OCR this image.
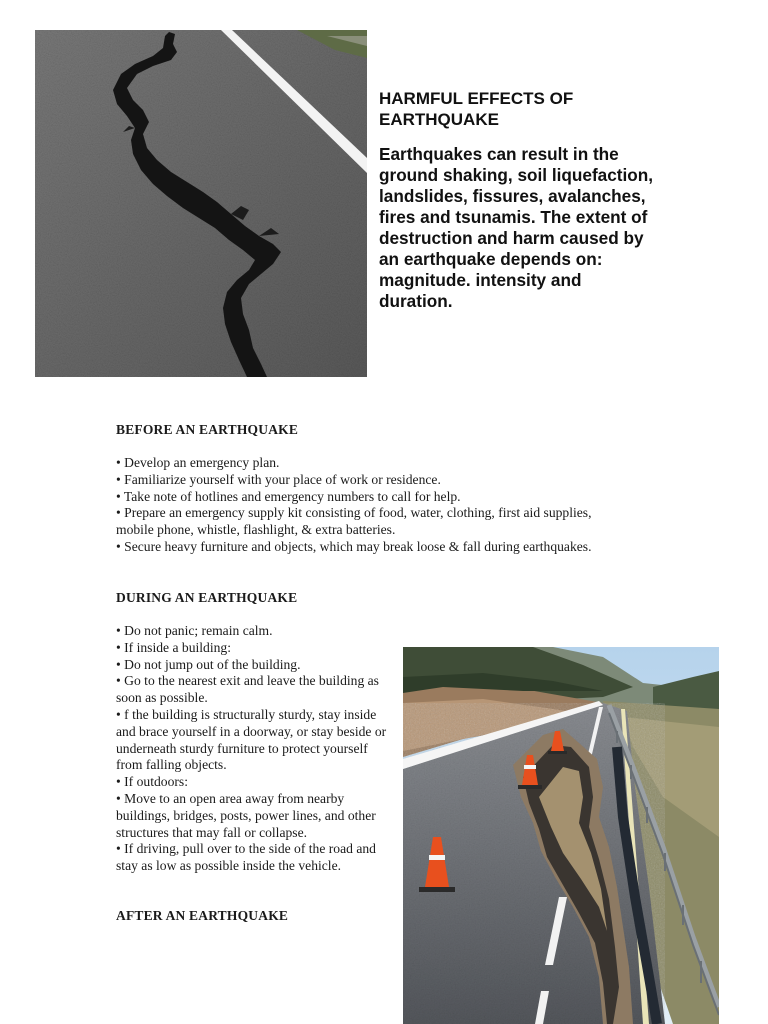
HARMFUL EFFECTS OF EARTHQUAKE

Earthquakes can result in the ground shaking, soil liquefaction, landslides, fissures, avalanches, fires and tsunamis. The extent of destruction and harm caused by an earthquake depends on: magnitude. intensity and duration.

BEFORE AN EARTHQUAKE
• Develop an emergency plan.
• Familiarize yourself with your place of work or residence.
• Take note of hotlines and emergency numbers to call for help.
• Prepare an emergency supply kit consisting of food, water, clothing, first aid supplies, mobile phone, whistle, flashlight, & extra batteries.
• Secure heavy furniture and objects, which may break loose & fall during earthquakes.
DURING AN EARTHQUAKE
• Do not panic; remain calm.
• If inside a building:
• Do not jump out of the building.
• Go to the nearest exit and leave the building as soon as possible.
• f the building is structurally sturdy, stay inside and brace yourself in a doorway, or stay beside or underneath sturdy furniture to protect yourself from falling objects.
• If outdoors:
• Move to an open area away from nearby buildings, bridges, posts, power lines, and other structures that may fall or collapse.
• If driving, pull over to the side of the road and stay as low as possible inside the vehicle.
AFTER AN EARTHQUAKE
